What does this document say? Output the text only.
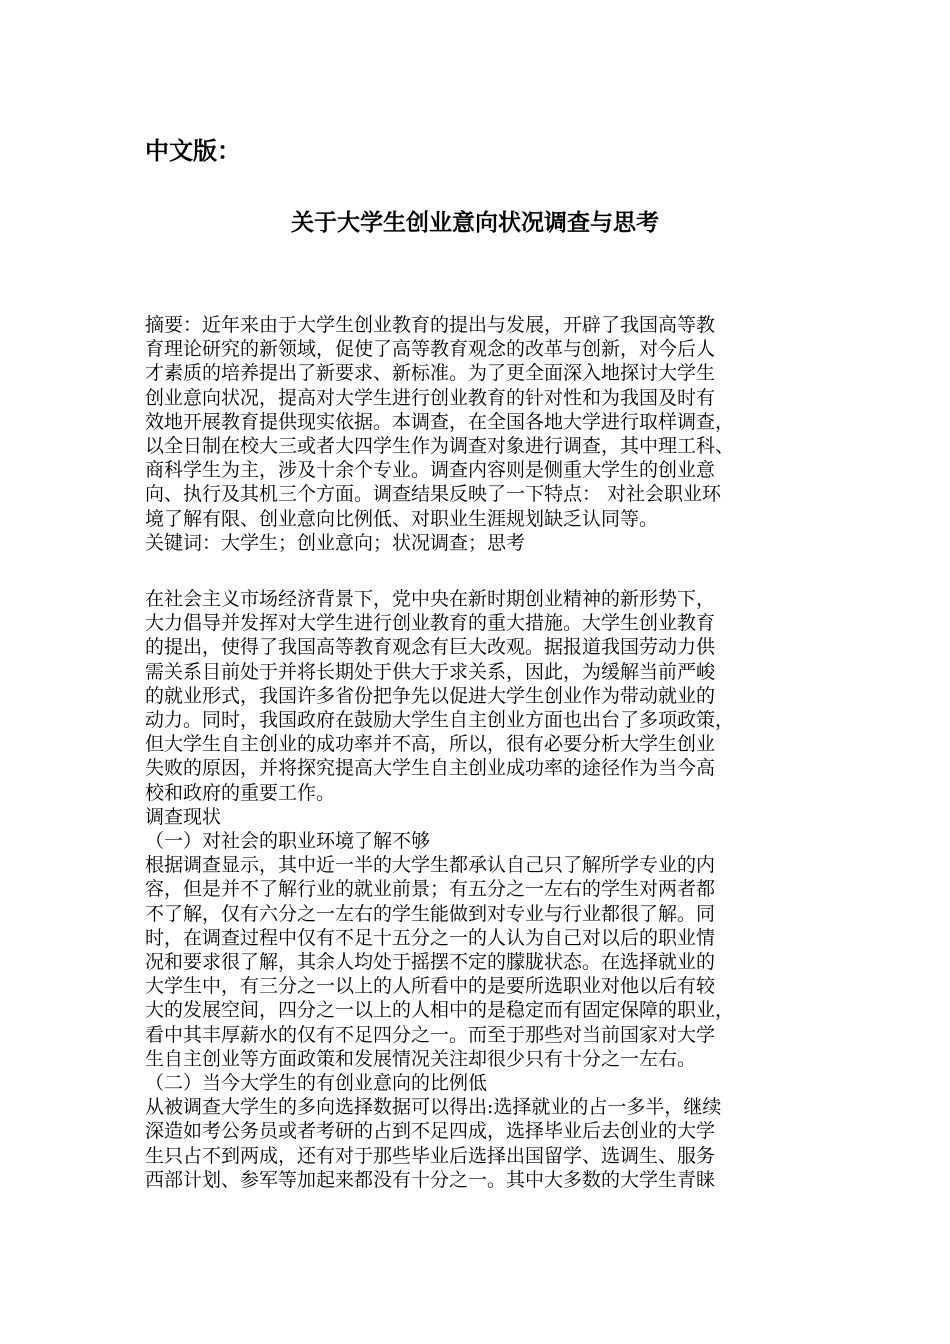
中文版：
关于大学生创业意向状况调查与思考
摘要：近年来由于大学生创业教育的提出与发展，开辟了我国高等教
育理论研究的新领域，促使了高等教育观念的改革与创新，对今后人
才素质的培养提出了新要求、新标准。为了更全面深入地探讨大学生
创业意向状况，提高对大学生进行创业教育的针对性和为我国及时有
效地开展教育提供现实依据。本调查，在全国各地大学进行取样调查，
以全日制在校大三或者大四学生作为调查对象进行调查，其中理工科、
商科学生为主，涉及十余个专业。调查内容则是侧重大学生的创业意
向、执行及其机三个方面。调查结果反映了一下特点： 对社会职业环
境了解有限、创业意向比例低、对职业生涯规划缺乏认同等。
关键词：大学生；创业意向；状况调查；思考
在社会主义市场经济背景下，党中央在新时期创业精神的新形势下，
大力倡导并发挥对大学生进行创业教育的重大措施。大学生创业教育
的提出，使得了我国高等教育观念有巨大改观。据报道我国劳动力供
需关系目前处于并将长期处于供大于求关系，因此，为缓解当前严峻
的就业形式，我国许多省份把争先以促进大学生创业作为带动就业的
动力。同时，我国政府在鼓励大学生自主创业方面也出台了多项政策，
但大学生自主创业的成功率并不高，所以，很有必要分析大学生创业
失败的原因，并将探究提高大学生自主创业成功率的途径作为当今高
校和政府的重要工作。
调查现状
（一）对社会的职业环境了解不够
根据调查显示，其中近一半的大学生都承认自己只了解所学专业的内
容，但是并不了解行业的就业前景；有五分之一左右的学生对两者都
不了解，仅有六分之一左右的学生能做到对专业与行业都很了解。同
时，在调查过程中仅有不足十五分之一的人认为自己对以后的职业情
况和要求很了解，其余人均处于摇摆不定的朦胧状态。在选择就业的
大学生中，有三分之一以上的人所看中的是要所选职业对他以后有较
大的发展空间，四分之一以上的人相中的是稳定而有固定保障的职业，
看中其丰厚薪水的仅有不足四分之一。而至于那些对当前国家对大学
生自主创业等方面政策和发展情况关注却很少只有十分之一左右。
（二）当今大学生的有创业意向的比例低
从被调查大学生的多向选择数据可以得出:选择就业的占一多半，继续
深造如考公务员或者考研的占到不足四成，选择毕业后去创业的大学
生只占不到两成，还有对于那些毕业后选择出国留学、选调生、服务
西部计划、参军等加起来都没有十分之一。其中大多数的大学生青睐
